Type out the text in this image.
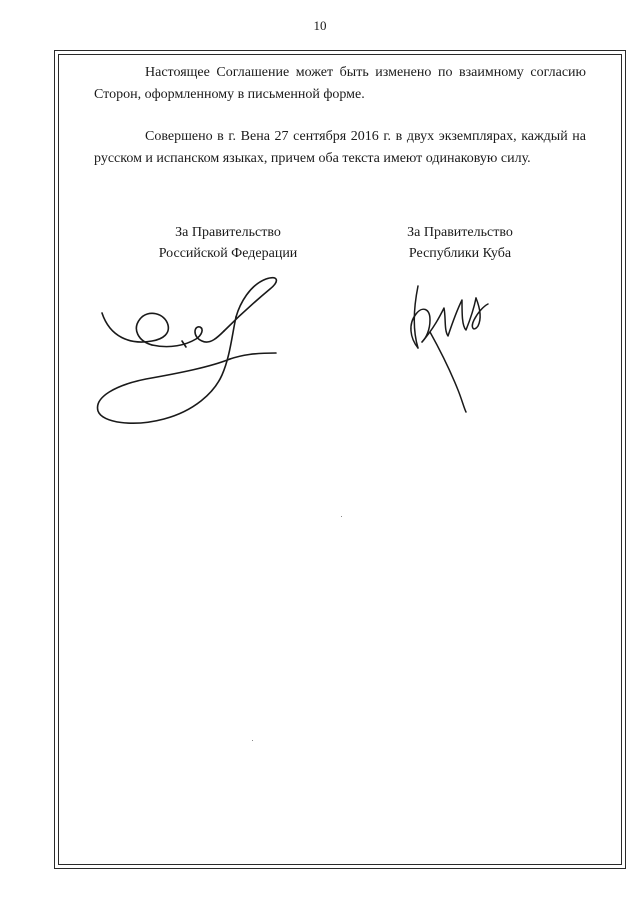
10

Настоящее Соглашение может быть изменено по взаимному согласию Сторон, оформленному в письменной форме.

Совершено в г. Вена 27 сентября 2016 г. в двух экземплярах, каждый на русском и испанском языках, причем оба текста имеют одинаковую силу.

За Правительство
Российской Федерации
За Правительство
Республики Куба
